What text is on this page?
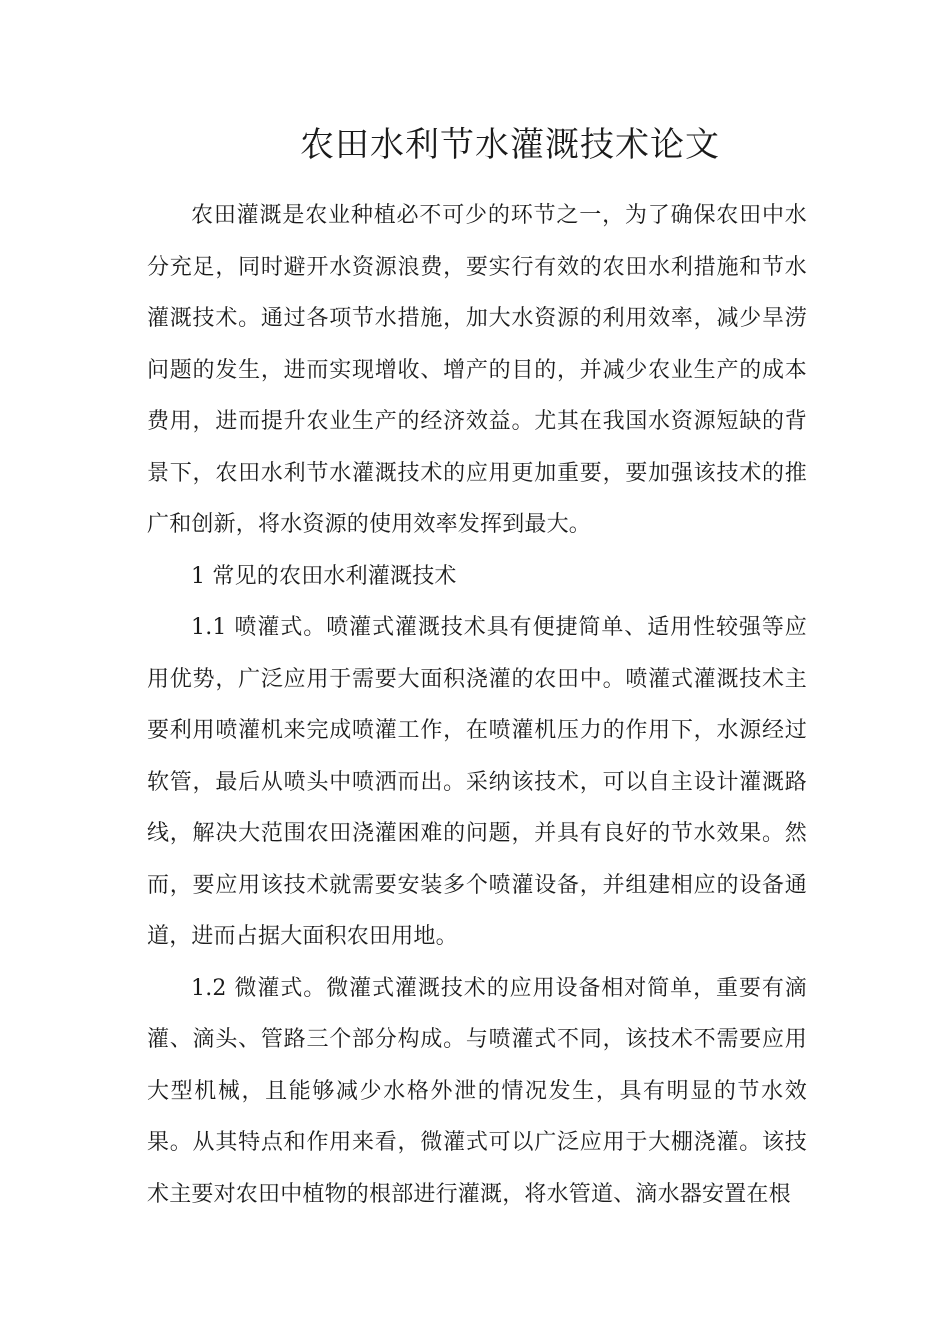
农田水利节水灌溉技术论文

农田灌溉是农业种植必不可少的环节之一，为了确保农田中水分充足，同时避开水资源浪费，要实行有效的农田水利措施和节水灌溉技术。通过各项节水措施，加大水资源的利用效率，减少旱涝问题的发生，进而实现增收、增产的目的，并减少农业生产的成本费用，进而提升农业生产的经济效益。尤其在我国水资源短缺的背景下，农田水利节水灌溉技术的应用更加重要，要加强该技术的推广和创新，将水资源的使用效率发挥到最大。

1 常见的农田水利灌溉技术

1.1 喷灌式。喷灌式灌溉技术具有便捷简单、适用性较强等应用优势，广泛应用于需要大面积浇灌的农田中。喷灌式灌溉技术主要利用喷灌机来完成喷灌工作，在喷灌机压力的作用下，水源经过软管，最后从喷头中喷洒而出。采纳该技术，可以自主设计灌溉路线，解决大范围农田浇灌困难的问题，并具有良好的节水效果。然而，要应用该技术就需要安装多个喷灌设备，并组建相应的设备通道，进而占据大面积农田用地。

1.2 微灌式。微灌式灌溉技术的应用设备相对简单，重要有滴灌、滴头、管路三个部分构成。与喷灌式不同，该技术不需要应用大型机械，且能够减少水格外泄的情况发生，具有明显的节水效果。从其特点和作用来看，微灌式可以广泛应用于大棚浇灌。该技术主要对农田中植物的根部进行灌溉，将水管道、滴水器安置在根
